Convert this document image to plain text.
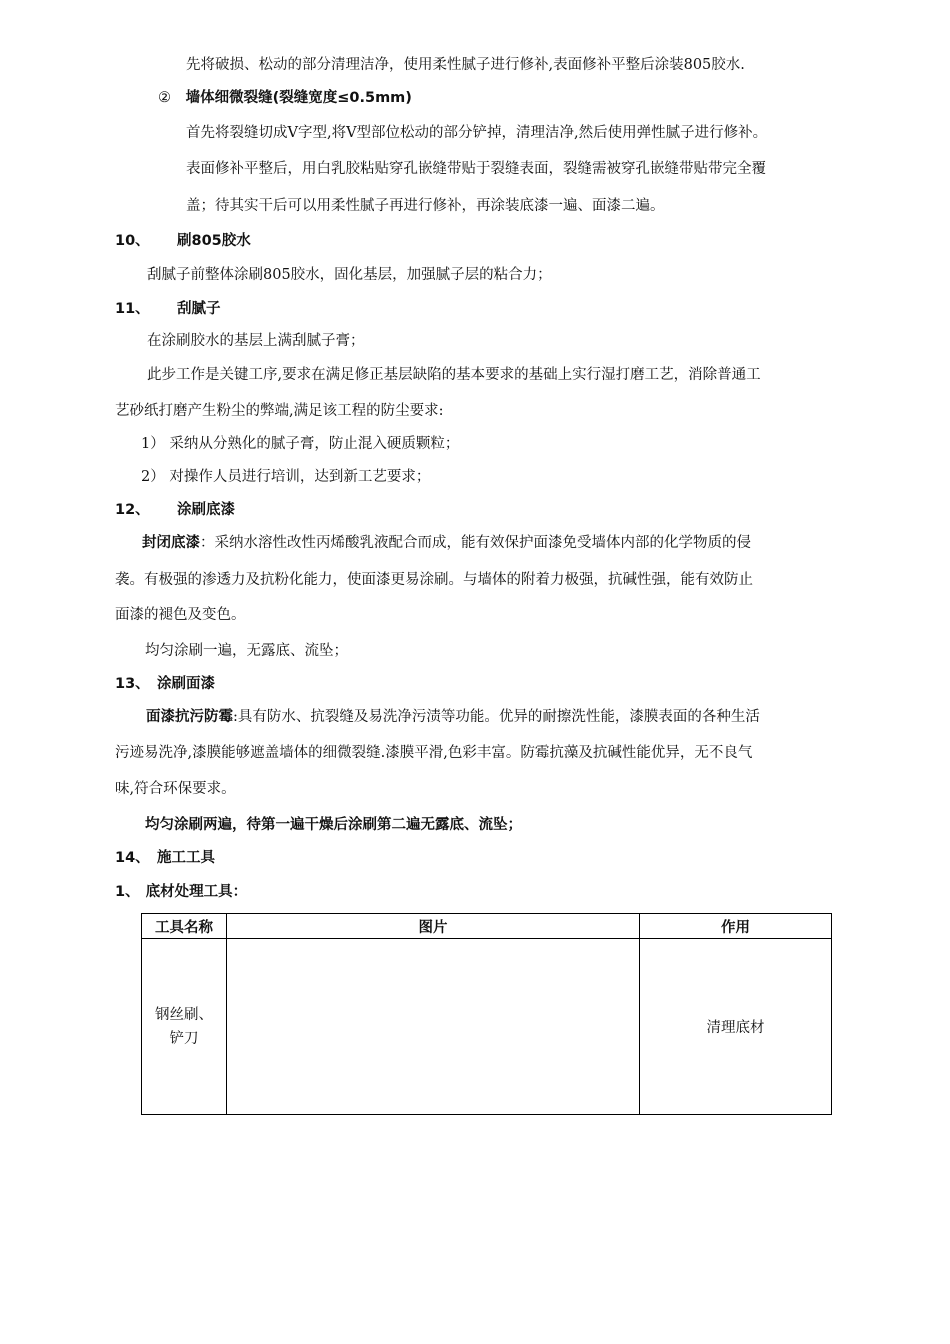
先将破损、松动的部分清理洁净，使用柔性腻子进行修补,表面修补平整后涂装805胶水.
② 墙体细微裂缝(裂缝宽度≤0.5mm)
首先将裂缝切成V字型,将V型部位松动的部分铲掉，清理洁净,然后使用弹性腻子进行修补。
表面修补平整后，用白乳胶粘贴穿孔嵌缝带贴于裂缝表面，裂缝需被穿孔嵌缝带贴带完全覆
盖；待其实干后可以用柔性腻子再进行修补，再涂装底漆一遍、面漆二遍。
10、 刷805胶水
刮腻子前整体涂刷805胶水，固化基层，加强腻子层的粘合力；
11、 刮腻子
在涂刷胶水的基层上满刮腻子膏；
此步工作是关键工序,要求在满足修正基层缺陷的基本要求的基础上实行湿打磨工艺，消除普通工
艺砂纸打磨产生粉尘的弊端,满足该工程的防尘要求:
1） 采纳从分熟化的腻子膏，防止混入硬质颗粒；
2） 对操作人员进行培训，达到新工艺要求；
12、 涂刷底漆
封闭底漆：采纳水溶性改性丙烯酸乳液配合而成，能有效保护面漆免受墙体内部的化学物质的侵
袭。有极强的渗透力及抗粉化能力，使面漆更易涂刷。与墙体的附着力极强，抗碱性强，能有效防止
面漆的褪色及变色。
均匀涂刷一遍，无露底、流坠；
13、 涂刷面漆
面漆抗污防霉:具有防水、抗裂缝及易洗净污渍等功能。优异的耐擦洗性能，漆膜表面的各种生活
污迹易洗净,漆膜能够遮盖墙体的细微裂缝.漆膜平滑,色彩丰富。防霉抗藻及抗碱性能优异，无不良气
味,符合环保要求。
均匀涂刷两遍，待第一遍干燥后涂刷第二遍无露底、流坠；
14、 施工工具
1、 底材处理工具：
工具名称	图片	作用

钢丝刷、
铲刀		清理底材
